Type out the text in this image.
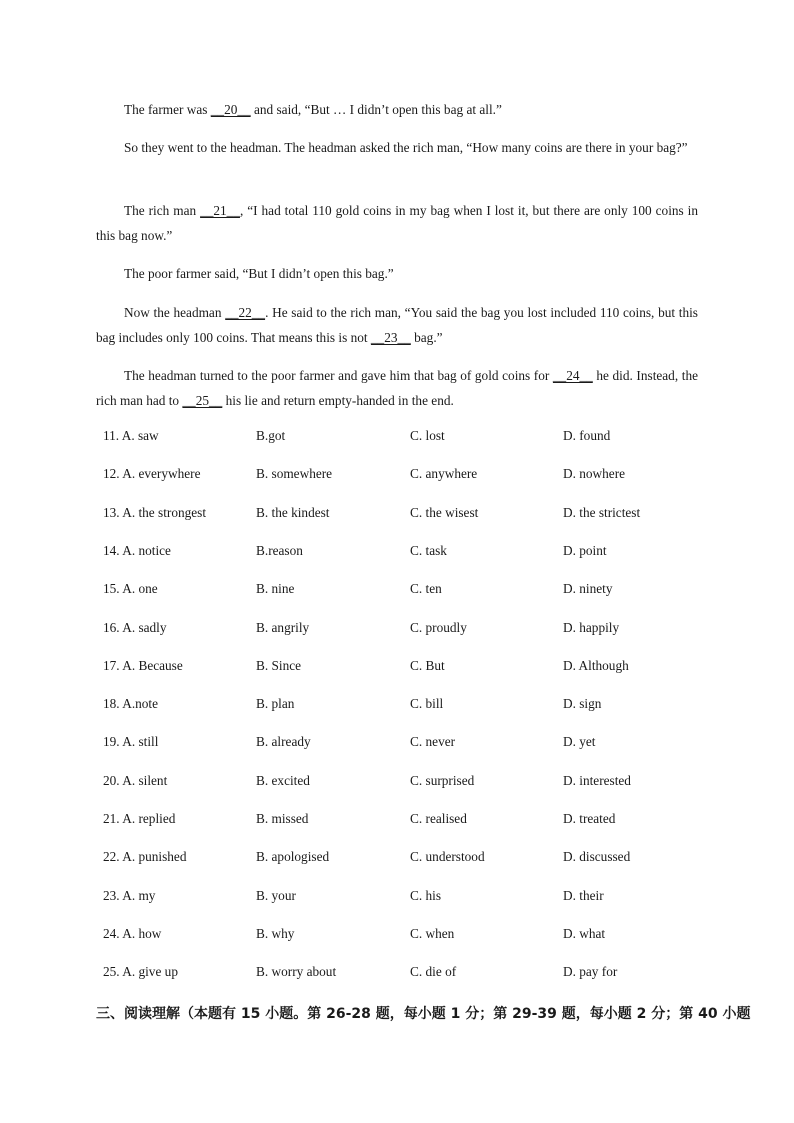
The farmer was __20__ and said, “But … I didn’t open this bag at all.”
So they went to the headman. The headman asked the rich man, “How many coins are there in your bag?”
The rich man __21__, “I had total 110 gold coins in my bag when I lost it, but there are only 100 coins in this bag now.”
The poor farmer said, “But I didn’t open this bag.”
Now the headman __22__. He said to the rich man, “You said the bag you lost included 110 coins, but this bag includes only 100 coins. That means this is not __23__ bag.”
The headman turned to the poor farmer and gave him that bag of gold coins for __24__ he did. Instead, the rich man had to __25__ his lie and return empty-handed in the end.
11. A. saw	B.got	C. lost	D. found
12. A. everywhere	B. somewhere	C. anywhere	D. nowhere
13. A. the strongest	B. the kindest	C. the wisest	D. the strictest
14. A. notice	B.reason	C. task	D. point
15. A. one	B. nine	C. ten	D. ninety
16. A. sadly	B. angrily	C. proudly	D. happily
17. A. Because	B. Since	C. But	D. Although
18. A.note	B. plan	C. bill	D. sign
19. A. still	B. already	C. never	D. yet
20. A. silent	B. excited	C. surprised	D. interested
21. A. replied	B. missed	C. realised	D. treated
22. A. punished	B. apologised	C. understood	D. discussed
23. A. my	B. your	C. his	D. their
24. A. how	B. why	C. when	D. what
25. A. give up	B. worry about	C. die of	D. pay for
三、阅读理解（本题有 15 小题。第 26-28 题，每小题 1 分；第 29-39 题，每小题 2 分；第 40 小题
